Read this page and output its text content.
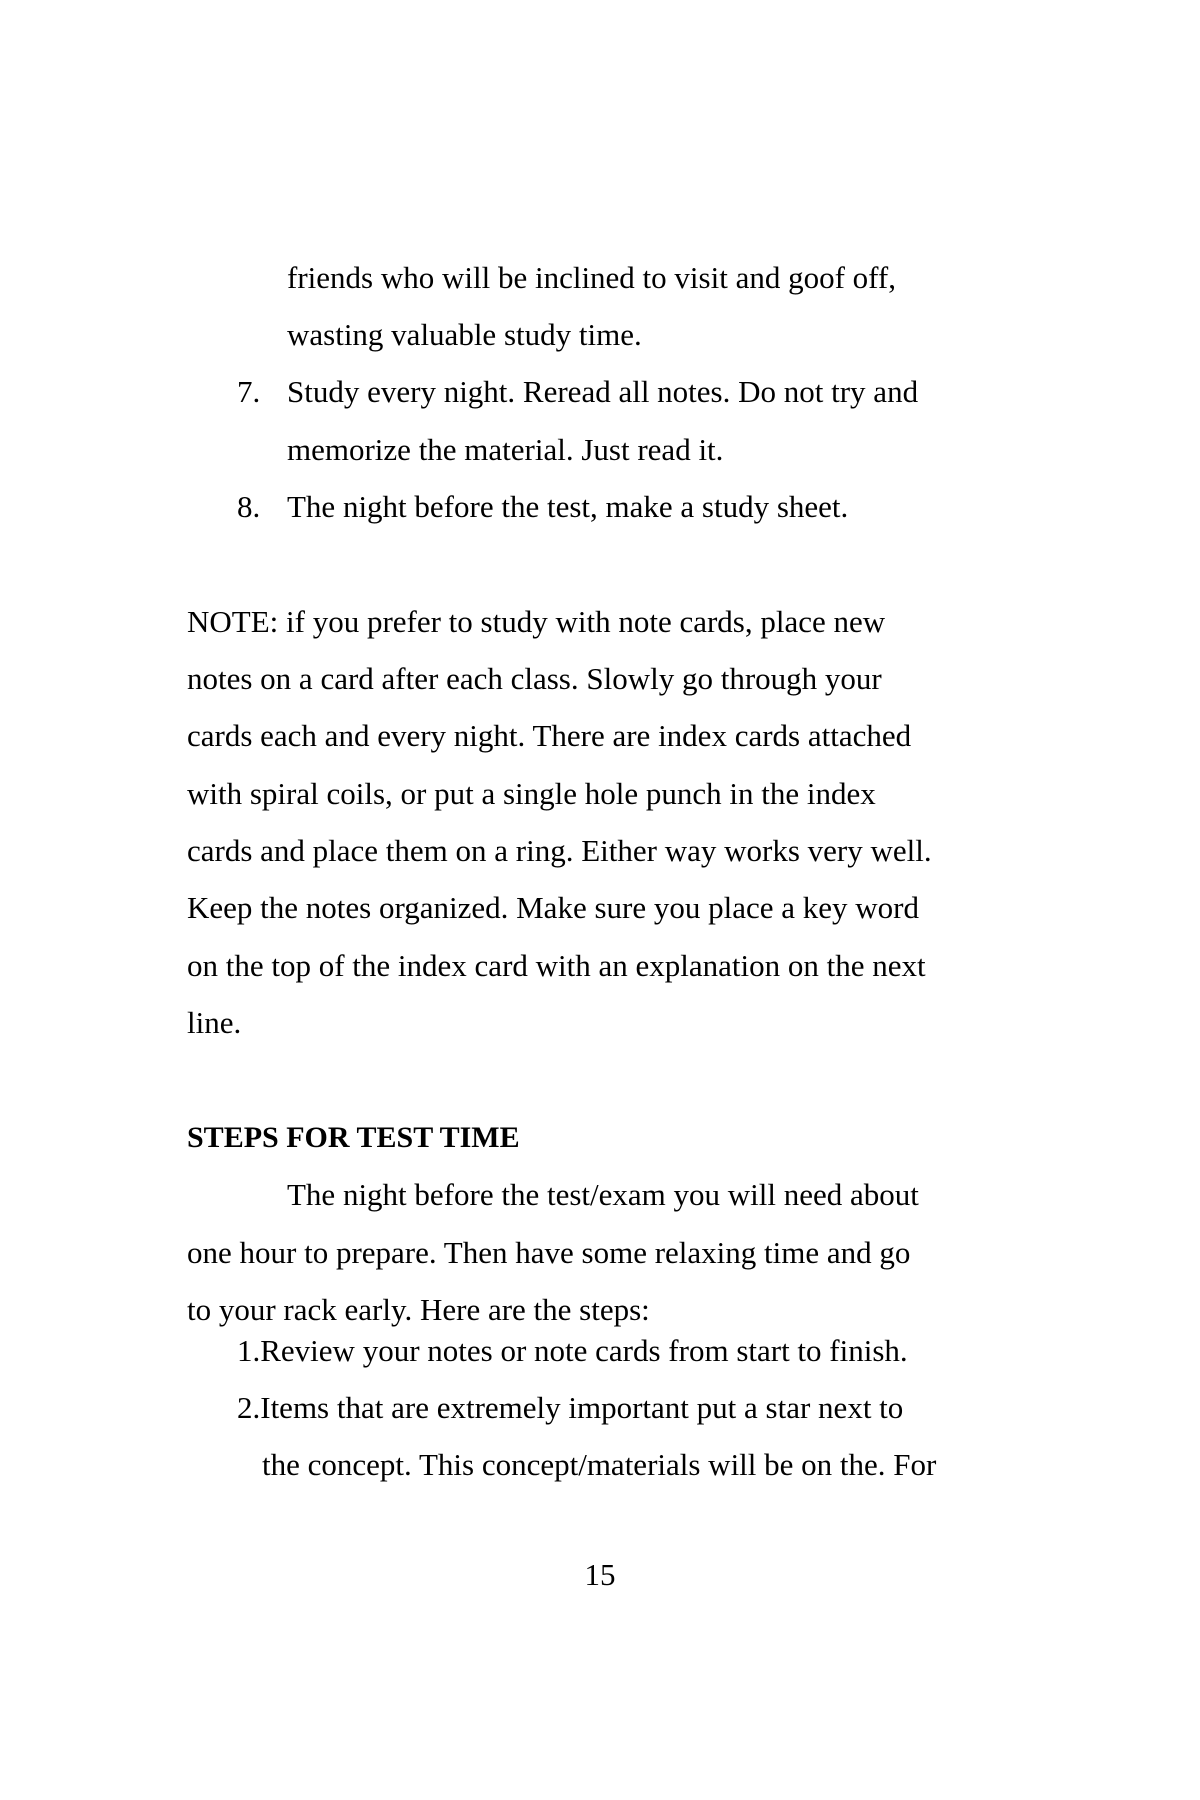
friends who will be inclined to visit and goof off,
wasting valuable study time.
7. Study every night. Reread all notes. Do not try and
memorize the material. Just read it.
8. The night before the test, make a study sheet.
NOTE: if you prefer to study with note cards, place new
notes on a card after each class. Slowly go through your
cards each and every night. There are index cards attached
with spiral coils, or put a single hole punch in the index
cards and place them on a ring. Either way works very well.
Keep the notes organized. Make sure you place a key word
on the top of the index card with an explanation on the next
line.
STEPS FOR TEST TIME
The night before the test/exam you will need about
one hour to prepare. Then have some relaxing time and go
to your rack early. Here are the steps:
1.Review your notes or note cards from start to finish.
2.Items that are extremely important put a star next to
the concept. This concept/materials will be on the. For
15
